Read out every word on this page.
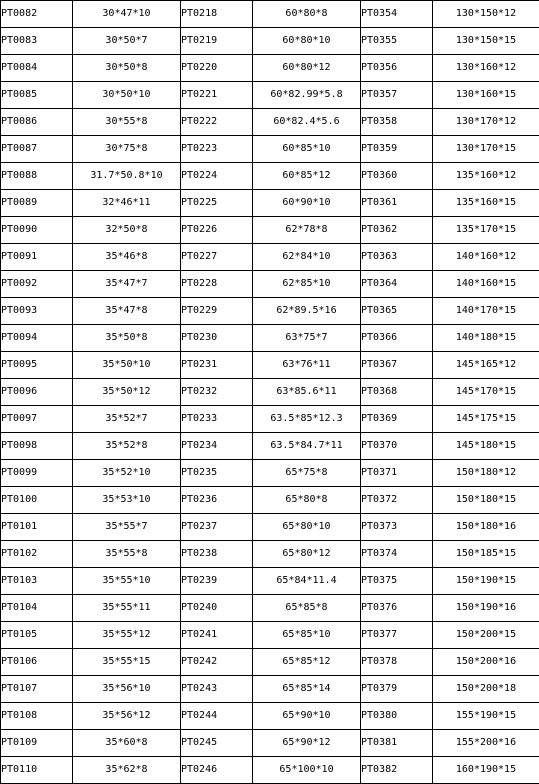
PT0082	30*47*10	PT0218	60*80*8	PT0354	130*150*12
PT0083	30*50*7	PT0219	60*80*10	PT0355	130*150*15
PT0084	30*50*8	PT0220	60*80*12	PT0356	130*160*12
PT0085	30*50*10	PT0221	60*82.99*5.8	PT0357	130*160*15
PT0086	30*55*8	PT0222	60*82.4*5.6	PT0358	130*170*12
PT0087	30*75*8	PT0223	60*85*10	PT0359	130*170*15
PT0088	31.7*50.8*10	PT0224	60*85*12	PT0360	135*160*12
PT0089	32*46*11	PT0225	60*90*10	PT0361	135*160*15
PT0090	32*50*8	PT0226	62*78*8	PT0362	135*170*15
PT0091	35*46*8	PT0227	62*84*10	PT0363	140*160*12
PT0092	35*47*7	PT0228	62*85*10	PT0364	140*160*15
PT0093	35*47*8	PT0229	62*89.5*16	PT0365	140*170*15
PT0094	35*50*8	PT0230	63*75*7	PT0366	140*180*15
PT0095	35*50*10	PT0231	63*76*11	PT0367	145*165*12
PT0096	35*50*12	PT0232	63*85.6*11	PT0368	145*170*15
PT0097	35*52*7	PT0233	63.5*85*12.3	PT0369	145*175*15
PT0098	35*52*8	PT0234	63.5*84.7*11	PT0370	145*180*15
PT0099	35*52*10	PT0235	65*75*8	PT0371	150*180*12
PT0100	35*53*10	PT0236	65*80*8	PT0372	150*180*15
PT0101	35*55*7	PT0237	65*80*10	PT0373	150*180*16
PT0102	35*55*8	PT0238	65*80*12	PT0374	150*185*15
PT0103	35*55*10	PT0239	65*84*11.4	PT0375	150*190*15
PT0104	35*55*11	PT0240	65*85*8	PT0376	150*190*16
PT0105	35*55*12	PT0241	65*85*10	PT0377	150*200*15
PT0106	35*55*15	PT0242	65*85*12	PT0378	150*200*16
PT0107	35*56*10	PT0243	65*85*14	PT0379	150*200*18
PT0108	35*56*12	PT0244	65*90*10	PT0380	155*190*15
PT0109	35*60*8	PT0245	65*90*12	PT0381	155*200*16
PT0110	35*62*8	PT0246	65*100*10	PT0382	160*190*15
